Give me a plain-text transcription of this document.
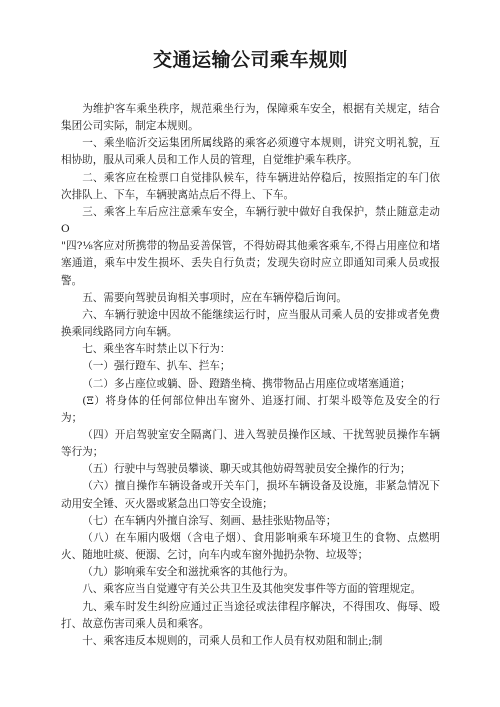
交通运输公司乘车规则

为维护客车乘坐秩序，规范乘坐行为，保障乘车安全，根据有关规定，结合集团公司实际，制定本规则。

一、乘坐临沂交运集团所属线路的乘客必须遵守本规则，讲究文明礼貌，互相协助，服从司乘人员和工作人员的管理，自觉维护乘车秩序。

二、乘客应在检票口自觉排队候车，待车辆进站停稳后，按照指定的车门依次排队上、下车，车辆驶离站点后不得上、下车。

三、乘客上车后应注意乘车安全，车辆行驶中做好自我保护，禁止随意走动O

"四?⅛客应对所携带的物品妥善保管，不得妨碍其他乘客乘车,不得占用座位和堵塞通道，乘车中发生损坏、丢失自行负责；发现失窃时应立即通知司乘人员或报警。

五、需要向驾驶员询相关事项时，应在车辆停稳后询问。

六、车辆行驶途中因故不能继续运行时，应当服从司乘人员的安排或者免费换乘同线路同方向车辆。

七、乘坐客车时禁止以下行为：

（一）强行蹬车、扒车、拦车；

（二）多占座位或躺、卧、蹬踏坐椅、携带物品占用座位或堵塞通道；

(Ξ）将身体的任何部位伸出车窗外、追逐打闹、打架斗殴等危及安全的行为；

（四）开启驾驶室安全隔离门、进入驾驶员操作区域、干扰驾驶员操作车辆等行为；

（五）行驶中与驾驶员攀谈、聊天或其他妨碍驾驶员安全操作的行为；

（六）擅自操作车辆设备或开关车门，损坏车辆设备及设施，非紧急情况下动用安全锤、灭火器或紧急出口等安全设施；

（七）在车辆内外擅自涂写、刻画、悬挂张贴物品等；

（八）在车厢内吸烟（含电子烟）、食用影响乘车环境卫生的食物、点燃明火、随地吐痰、便溺、乞讨，向车内或车窗外抛扔杂物、垃圾等；

（九）影响乘车安全和滋扰乘客的其他行为。

八、乘客应当自觉遵守有关公共卫生及其他突发事件等方面的管理规定。

九、乘车时发生纠纷应通过正当途径或法律程序解决，不得围攻、侮辱、殴打、故意伤害司乘人员和乘客。

十、乘客违反本规则的，司乘人员和工作人员有权劝阻和制止;制
